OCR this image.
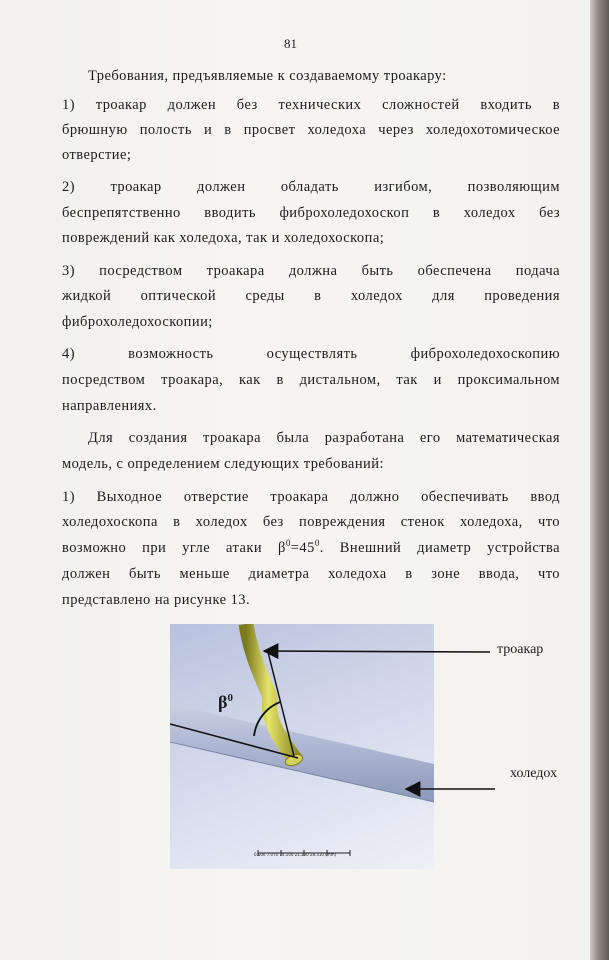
81
Требования, предъявляемые к создаваемому троакару:
1) троакар должен без технических сложностей входить в
брюшную полость и в просвет холедоха через холедохотомическое
отверстие;
2) троакар должен обладать изгибом, позволяющим
беспрепятственно вводить фиброхоледохоскоп в холедох без
повреждений как холедоха, так и холедохоскопа;
3) посредством троакара должна быть обеспечена подача
жидкой оптической среды в холедох для проведения
фиброхоледохоскопии;
4) возможность осуществлять фиброхоледохоскопию
посредством троакара, как в дистальном, так и проксимальном
направлениях.
Для создания троакара была разработана его математическая
модель, с определением следующих требований:
1) Выходное отверстие троакара должно обеспечивать ввод
холедохоскопа в холедох без повреждения стенок холедоха, что
возможно при угле атаки $\beta^0=45^0$. Внешний диаметр устройства
должен быть меньше диаметра холедоха в зоне ввода, что
представлено на рисунке 13.
$\beta^0$
0.000 7.070 14.100 21.200 28.310 (mm)
троакар
холедох
